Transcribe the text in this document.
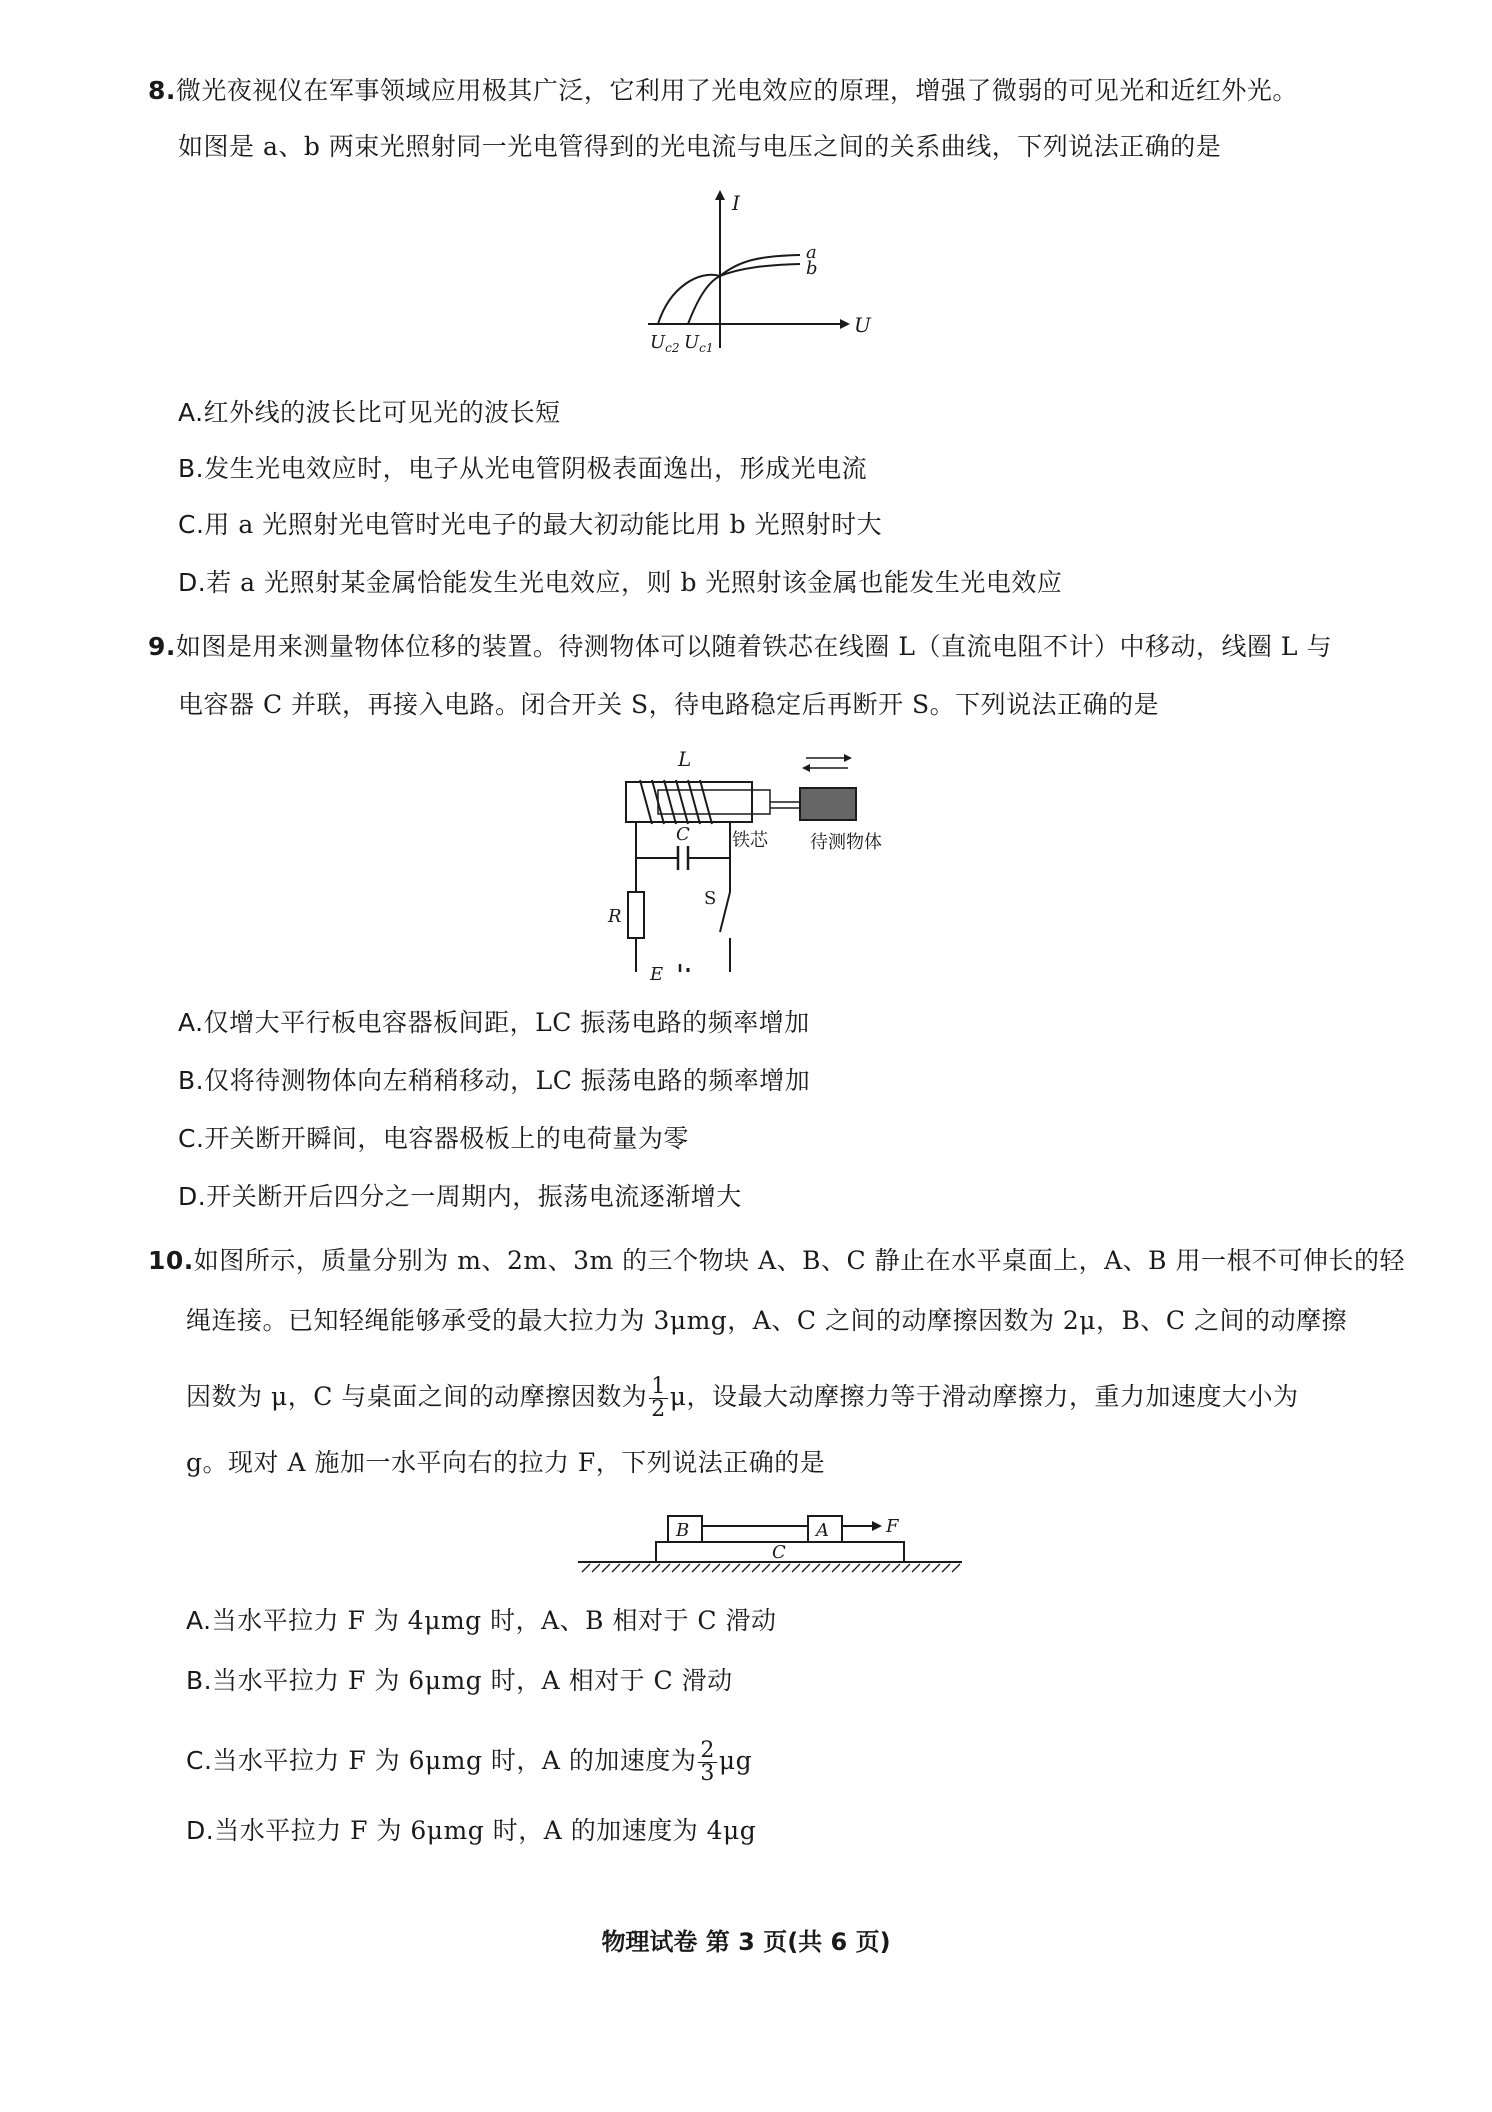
8.微光夜视仪在军事领域应用极其广泛，它利用了光电效应的原理，增强了微弱的可见光和近红外光。
如图是 a、b 两束光照射同一光电管得到的光电流与电压之间的关系曲线，下列说法正确的是
I
U
a
b
$U_{c2}$ $U_{c1}$
A.红外线的波长比可见光的波长短
B.发生光电效应时，电子从光电管阴极表面逸出，形成光电流
C.用 a 光照射光电管时光电子的最大初动能比用 b 光照射时大
D.若 a 光照射某金属恰能发生光电效应，则 b 光照射该金属也能发生光电效应
9.如图是用来测量物体位移的装置。待测物体可以随着铁芯在线圈 L（直流电阻不计）中移动，线圈 L 与
电容器 C 并联，再接入电路。闭合开关 S，待电路稳定后再断开 S。下列说法正确的是
L
铁芯 待测物体
C
R
S
E
A.仅增大平行板电容器板间距，LC 振荡电路的频率增加
B.仅将待测物体向左稍稍移动，LC 振荡电路的频率增加
C.开关断开瞬间，电容器极板上的电荷量为零
D.开关断开后四分之一周期内，振荡电流逐渐增大
10.如图所示，质量分别为 m、2m、3m 的三个物块 A、B、C 静止在水平桌面上，A、B 用一根不可伸长的轻
绳连接。已知轻绳能够承受的最大拉力为 3μmg，A、C 之间的动摩擦因数为 2μ，B、C 之间的动摩擦
因数为 μ，C 与桌面之间的动摩擦因数为 $\frac{1}{2}$ μ，设最大动摩擦力等于滑动摩擦力，重力加速度大小为
g。现对 A 施加一水平向右的拉力 F，下列说法正确的是
B	A	F
C
A.当水平拉力 F 为 4μmg 时，A、B 相对于 C 滑动
B.当水平拉力 F 为 6μmg 时，A 相对于 C 滑动
C.当水平拉力 F 为 6μmg 时，A 的加速度为 $\frac{2}{3}$ μg
D.当水平拉力 F 为 6μmg 时，A 的加速度为 4μg
物理试卷 第 3 页(共 6 页)
